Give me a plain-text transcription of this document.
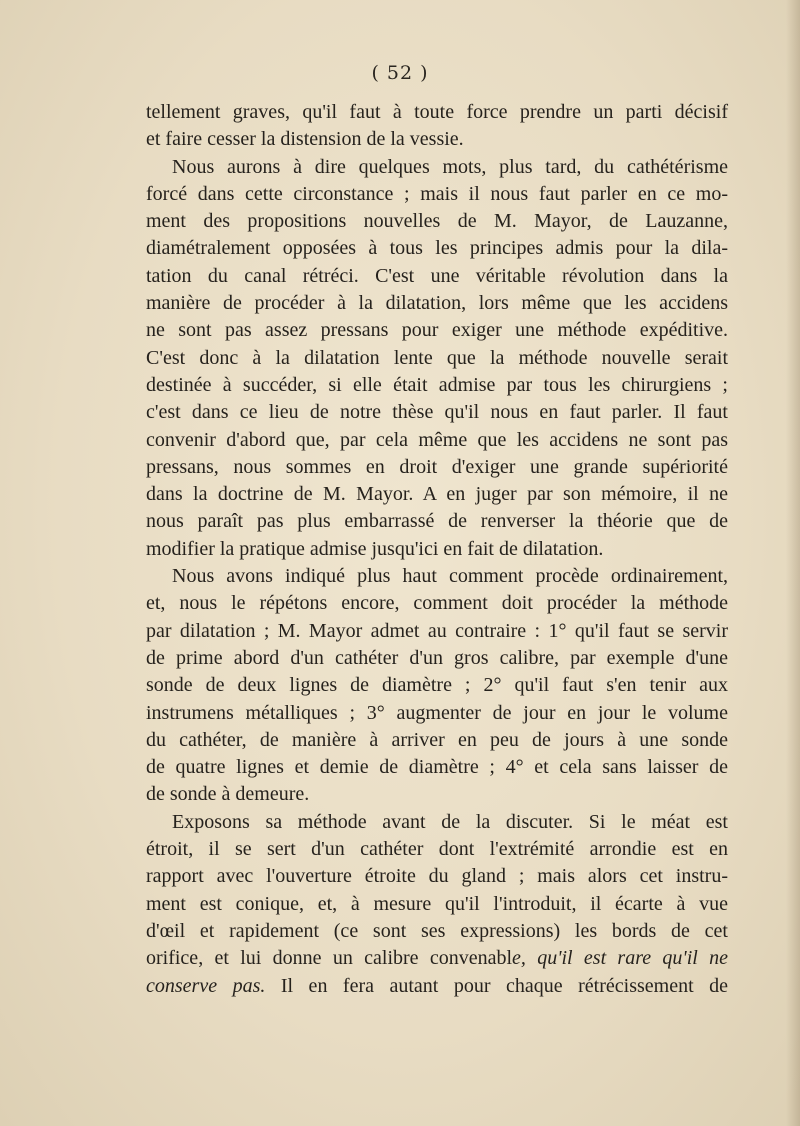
( 52 )
tellement graves, qu'il faut à toute force prendre un parti décisif
et faire cesser la distension de la vessie.
Nous aurons à dire quelques mots, plus tard, du cathétérisme
forcé dans cette circonstance ; mais il nous faut parler en ce mo-
ment des propositions nouvelles de M. Mayor, de Lauzanne,
diamétralement opposées à tous les principes admis pour la dila-
tation du canal rétréci. C'est une véritable révolution dans la
manière de procéder à la dilatation, lors même que les accidens
ne sont pas assez pressans pour exiger une méthode expéditive.
C'est donc à la dilatation lente que la méthode nouvelle serait
destinée à succéder, si elle était admise par tous les chirurgiens ;
c'est dans ce lieu de notre thèse qu'il nous en faut parler. Il faut
convenir d'abord que, par cela même que les accidens ne sont pas
pressans, nous sommes en droit d'exiger une grande supériorité
dans la doctrine de M. Mayor. A en juger par son mémoire, il ne
nous paraît pas plus embarrassé de renverser la théorie que de
modifier la pratique admise jusqu'ici en fait de dilatation.
Nous avons indiqué plus haut comment procède ordinairement,
et, nous le répétons encore, comment doit procéder la méthode
par dilatation ; M. Mayor admet au contraire : 1° qu'il faut se servir
de prime abord d'un cathéter d'un gros calibre, par exemple d'une
sonde de deux lignes de diamètre ; 2° qu'il faut s'en tenir aux
instrumens métalliques ; 3° augmenter de jour en jour le volume
du cathéter, de manière à arriver en peu de jours à une sonde
de quatre lignes et demie de diamètre ; 4° et cela sans laisser de
de sonde à demeure.
Exposons sa méthode avant de la discuter. Si le méat est
étroit, il se sert d'un cathéter dont l'extrémité arrondie est en
rapport avec l'ouverture étroite du gland ; mais alors cet instru-
ment est conique, et, à mesure qu'il l'introduit, il écarte à vue
d'œil et rapidement (ce sont ses expressions) les bords de cet
orifice, et lui donne un calibre convenable, qu'il est rare qu'il ne
conserve pas. Il en fera autant pour chaque rétrécissement de
